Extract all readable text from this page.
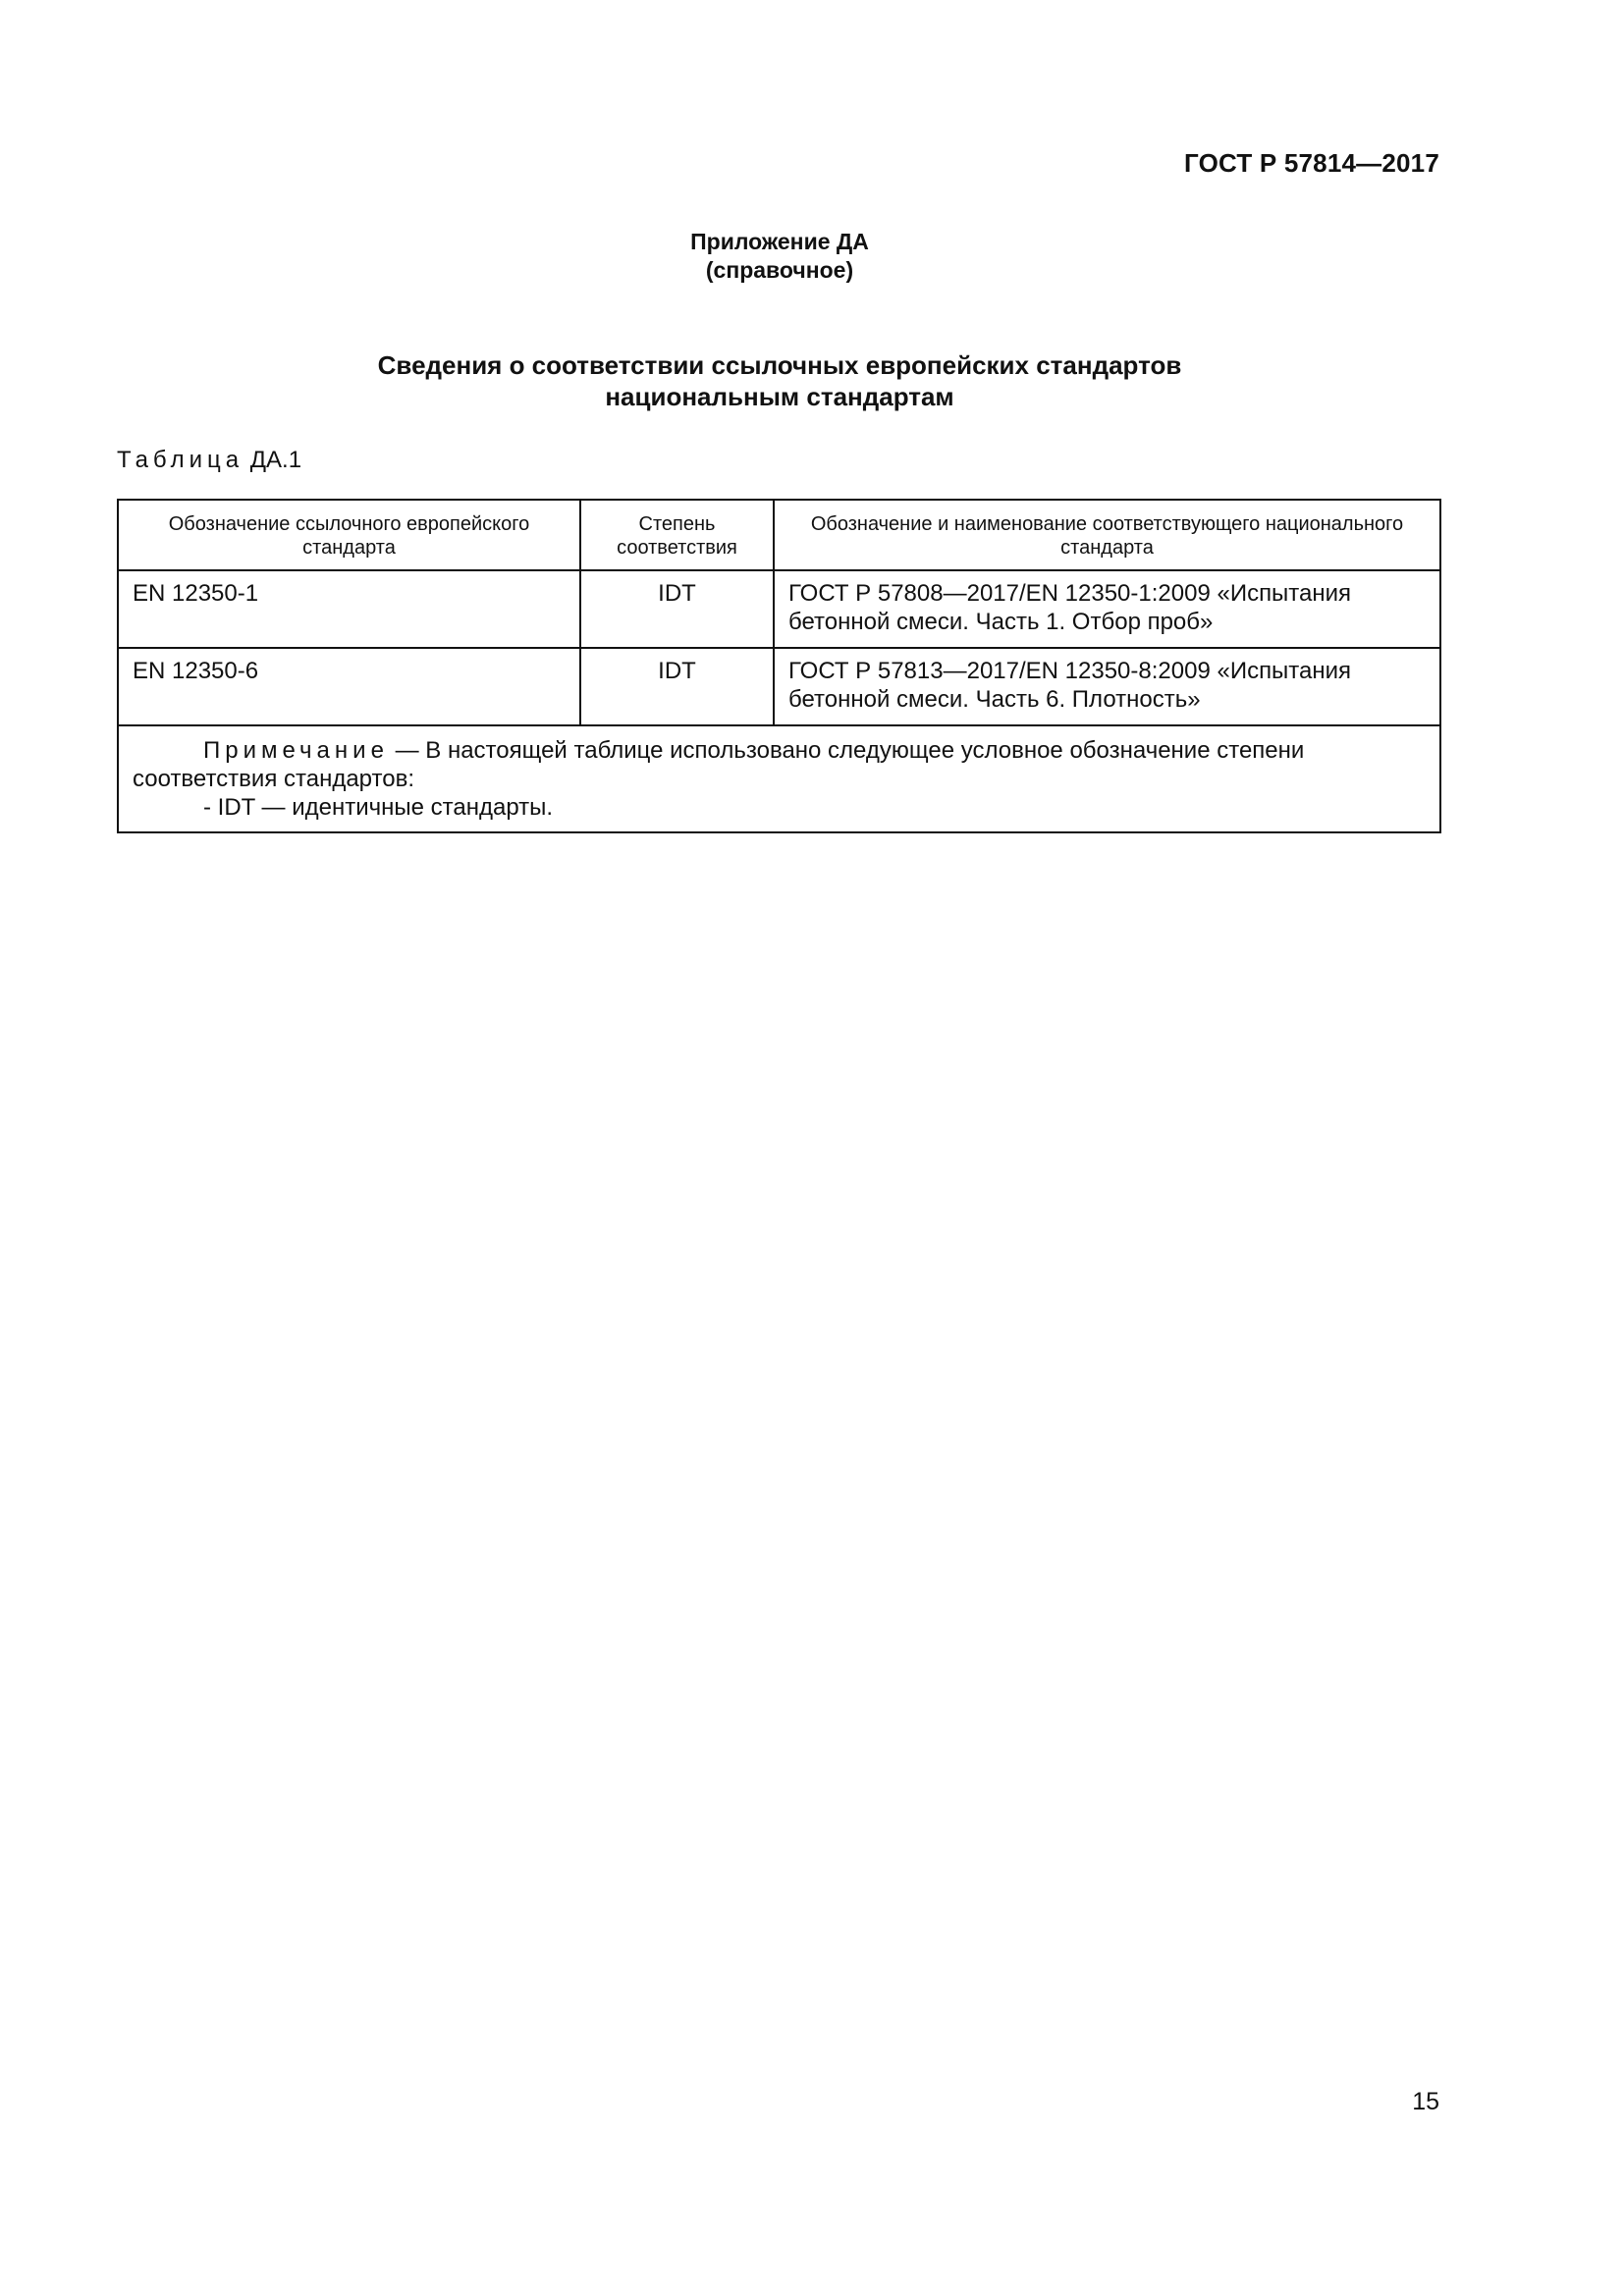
ГОСТ Р 57814—2017
Приложение ДА
(справочное)
Сведения о соответствии ссылочных европейских стандартов
национальным стандартам
Таблица ДА.1
Обозначение ссылочного европейского стандарта	Степень соответствия	Обозначение и наименование соответствующего национального стандарта
EN 12350-1	IDT	ГОСТ Р 57808—2017/EN 12350-1:2009 «Испытания бетонной смеси. Часть 1. Отбор проб»
EN 12350-6	IDT	ГОСТ Р 57813—2017/EN 12350-8:2009 «Испытания бетонной смеси. Часть 6. Плотность»

Примечание — В настоящей таблице использовано следующее условное обозначение степени соответствия стандартов:
- IDT — идентичные стандарты.		
15
